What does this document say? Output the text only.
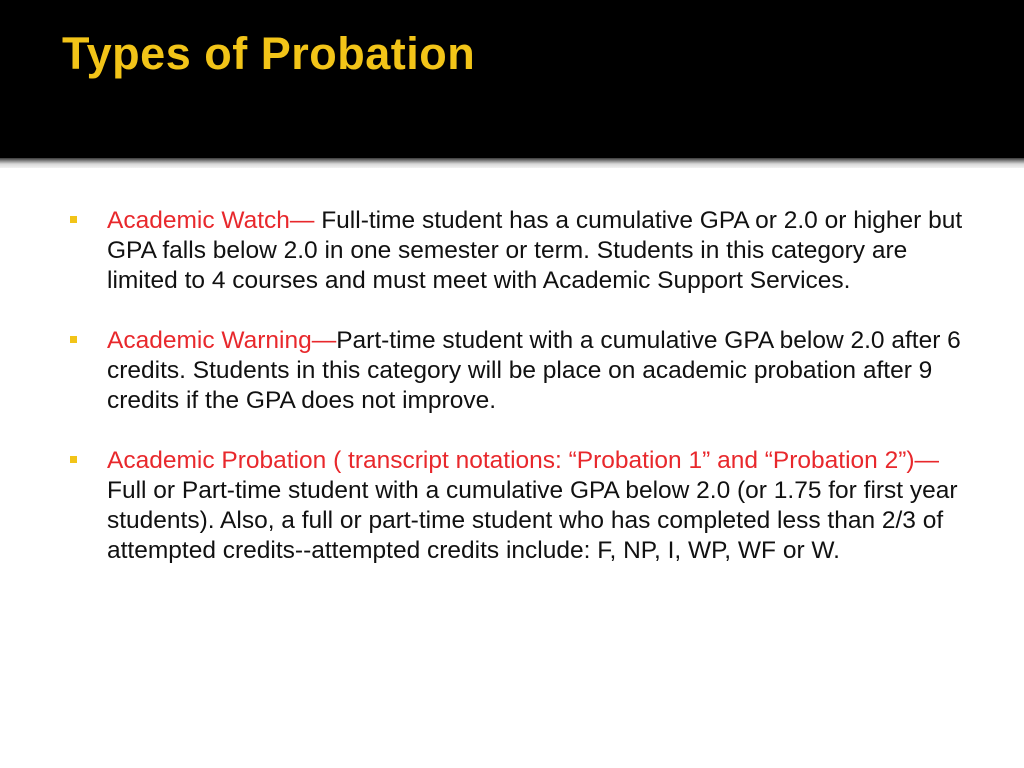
Types of Probation
Academic Watch— Full-time student has a cumulative GPA or 2.0 or higher but GPA falls below 2.0 in one semester or term. Students in this category are limited to 4 courses and must meet with Academic Support Services.
Academic Warning—Part-time student with a cumulative GPA below 2.0 after 6 credits. Students in this category will be place on academic probation after 9 credits if the GPA does not improve.
Academic Probation ( transcript notations: “Probation 1” and “Probation 2”)—Full or Part-time student with a cumulative GPA below 2.0 (or 1.75 for first year students). Also, a full or part-time student who has completed less than 2/3 of attempted credits--attempted credits include: F, NP, I, WP, WF or W.
